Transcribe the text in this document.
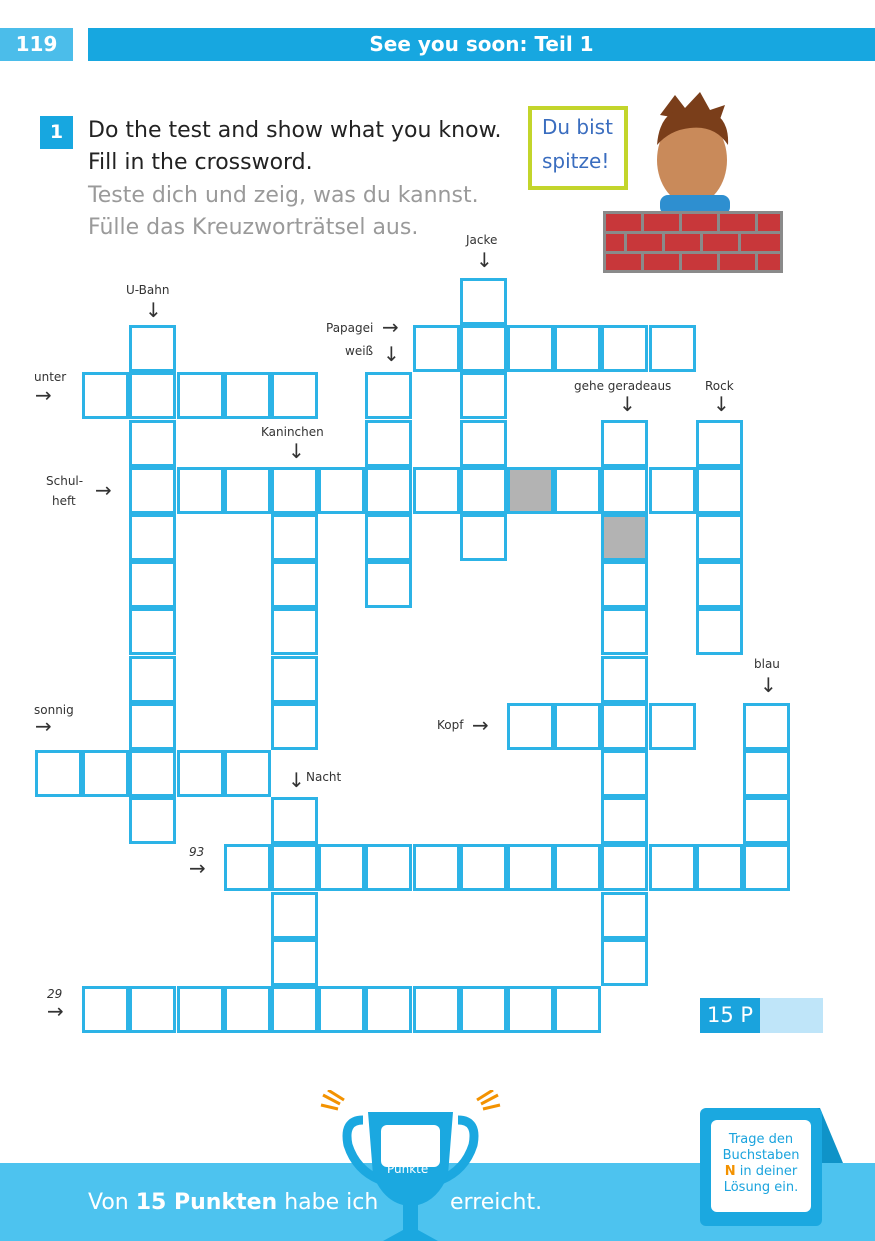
119	See you soon: Teil 1
1	Do the test and show what you know.
Fill in the crossword.
Teste dich und zeig, was du kannst.
Fülle das Kreuzworträtsel aus.
Du bist
spitze!
Jacke
↓
U-Bahn
↓
Papagei →
weiß ↓
unter
→	gehe geradeaus
↓
Rock
↓
Kaninchen
↓
Schul-
heft →
blau
↓
sonnig
→	Kopf →
↓ Nacht
93
→
29
→	15 P
Von 15 Punkten habe ich	erreicht.
Punkte
Trage den
Buchstaben
N in deiner
Lösung ein.
